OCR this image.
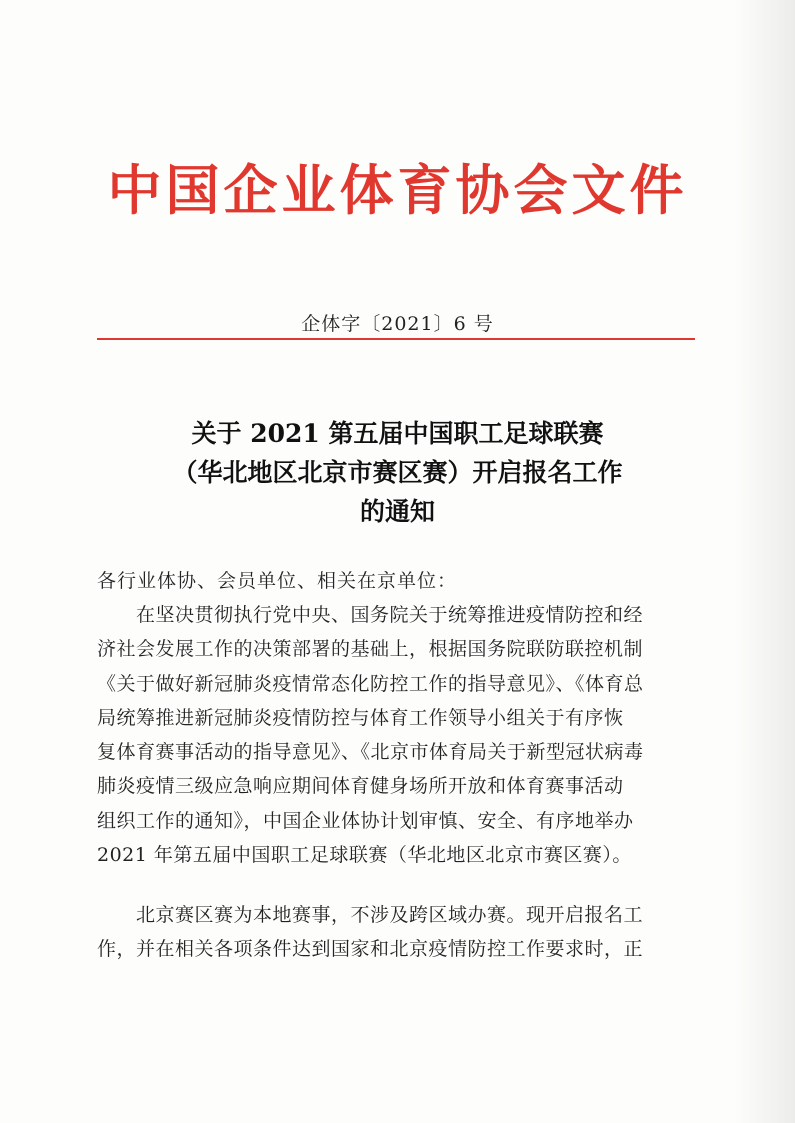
中国企业体育协会文件
企体字〔2021〕6 号
关于 2021 第五届中国职工足球联赛
（华北地区北京市赛区赛）开启报名工作
的通知
各行业体协、会员单位、相关在京单位：
　　在坚决贯彻执行党中央、国务院关于统筹推进疫情防控和经
济社会发展工作的决策部署的基础上，根据国务院联防联控机制
《关于做好新冠肺炎疫情常态化防控工作的指导意见》、《体育总
局统筹推进新冠肺炎疫情防控与体育工作领导小组关于有序恢
复体育赛事活动的指导意见》、《北京市体育局关于新型冠状病毒
肺炎疫情三级应急响应期间体育健身场所开放和体育赛事活动
组织工作的通知》，中国企业体协计划审慎、安全、有序地举办
2021 年第五届中国职工足球联赛（华北地区北京市赛区赛）。
　　北京赛区赛为本地赛事，不涉及跨区域办赛。现开启报名工
作，并在相关各项条件达到国家和北京疫情防控工作要求时，正
